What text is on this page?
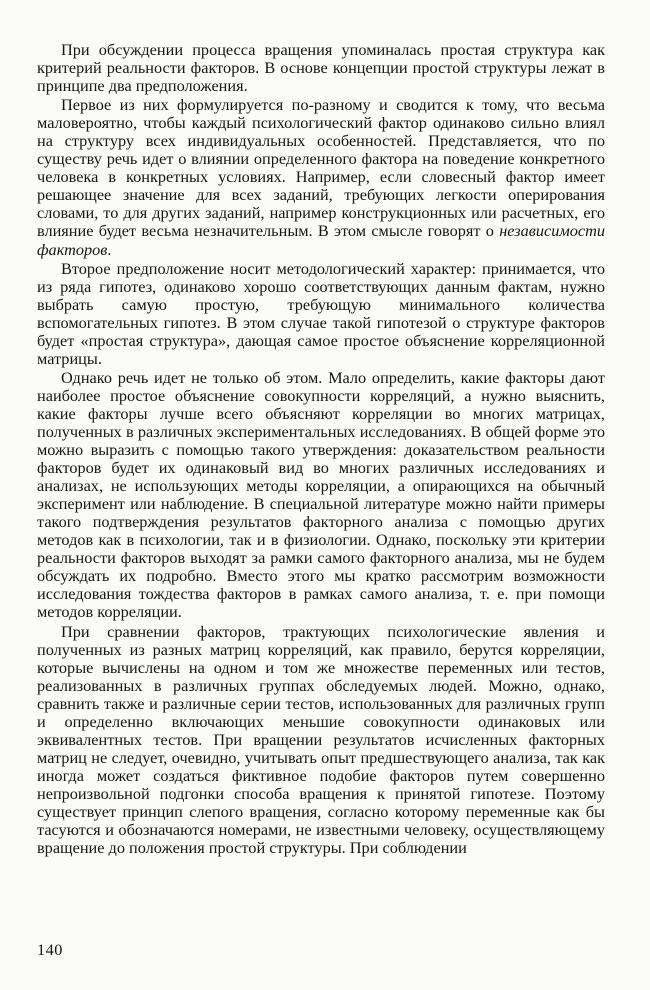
При обсуждении процесса вращения упоминалась простая структура как критерий реальности факторов. В основе концепции простой структуры лежат в принципе два предположения.

Первое из них формулируется по-разному и сводится к тому, что весьма маловероятно, чтобы каждый психологический фактор одинаково сильно влиял на структуру всех индивидуальных особенностей. Представляется, что по существу речь идет о влиянии определенного фактора на поведение конкретного человека в конкретных условиях. Например, если словесный фактор имеет решающее значение для всех заданий, требующих легкости оперирования словами, то для других заданий, например конструкционных или расчетных, его влияние будет весьма незначительным. В этом смысле говорят о независимости факторов.

Второе предположение носит методологический характер: принимается, что из ряда гипотез, одинаково хорошо соответствующих данным фактам, нужно выбрать самую простую, требующую минимального количества вспомогательных гипотез. В этом случае такой гипотезой о структуре факторов будет «простая структура», дающая самое простое объяснение корреляционной матрицы.

Однако речь идет не только об этом. Мало определить, какие факторы дают наиболее простое объяснение совокупности корреляций, а нужно выяснить, какие факторы лучше всего объясняют корреляции во многих матрицах, полученных в различных экспериментальных исследованиях. В общей форме это можно выразить с помощью такого утверждения: доказательством реальности факторов будет их одинаковый вид во многих различных исследованиях и анализах, не использующих методы корреляции, а опирающихся на обычный эксперимент или наблюдение. В специальной литературе можно найти примеры такого подтверждения результатов факторного анализа с помощью других методов как в психологии, так и в физиологии. Однако, поскольку эти критерии реальности факторов выходят за рамки самого факторного анализа, мы не будем обсуждать их подробно. Вместо этого мы кратко рассмотрим возможности исследования тождества факторов в рамках самого анализа, т. е. при помощи методов корреляции.

При сравнении факторов, трактующих психологические явления и полученных из разных матриц корреляций, как правило, берутся корреляции, которые вычислены на одном и том же множестве переменных или тестов, реализованных в различных группах обследуемых людей. Можно, однако, сравнить также и различные серии тестов, использованных для различных групп и определенно включающих меньшие совокупности одинаковых или эквивалентных тестов. При вращении результатов исчисленных факторных матриц не следует, очевидно, учитывать опыт предшествующего анализа, так как иногда может создаться фиктивное подобие факторов путем совершенно непроизвольной подгонки способа вращения к принятой гипотезе. Поэтому существует принцип слепого вращения, согласно которому переменные как бы тасуются и обозначаются номерами, не известными человеку, осуществляющему вращение до положения простой структуры. При соблюдении

140
